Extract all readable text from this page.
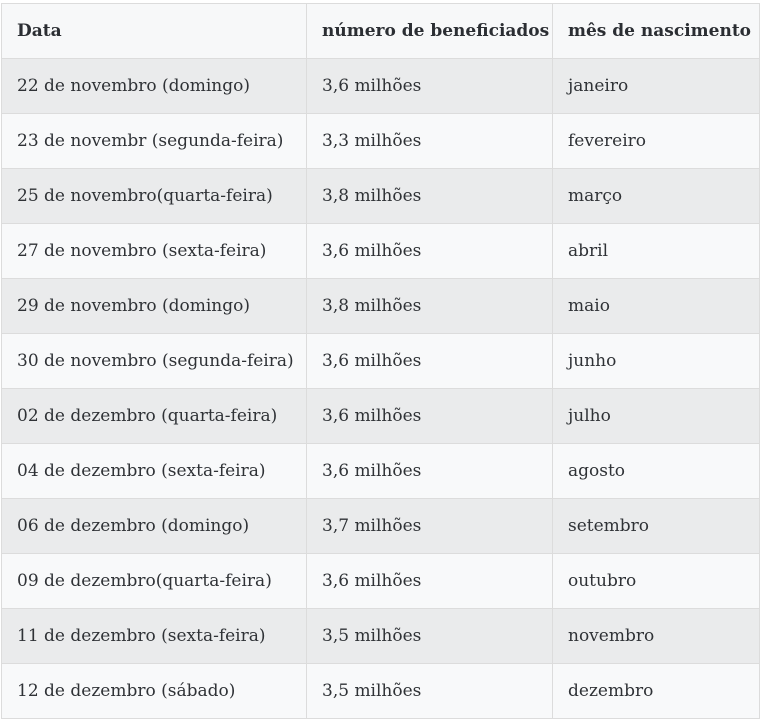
Data	número de beneficiados	mês de nascimento
22 de novembro (domingo)	3,6 milhões	janeiro
23 de novembr (segunda-feira)	3,3 milhões	fevereiro
25 de novembro(quarta-feira)	3,8 milhões	março
27 de novembro (sexta-feira)	3,6 milhões	abril
29 de novembro (domingo)	3,8 milhões	maio
30 de novembro (segunda-feira)	3,6 milhões	junho
02 de dezembro (quarta-feira)	3,6 milhões	julho
04 de dezembro (sexta-feira)	3,6 milhões	agosto
06 de dezembro (domingo)	3,7 milhões	setembro
09 de dezembro(quarta-feira)	3,6 milhões	outubro
11 de dezembro (sexta-feira)	3,5 milhões	novembro
12 de dezembro (sábado)	3,5 milhões	dezembro
